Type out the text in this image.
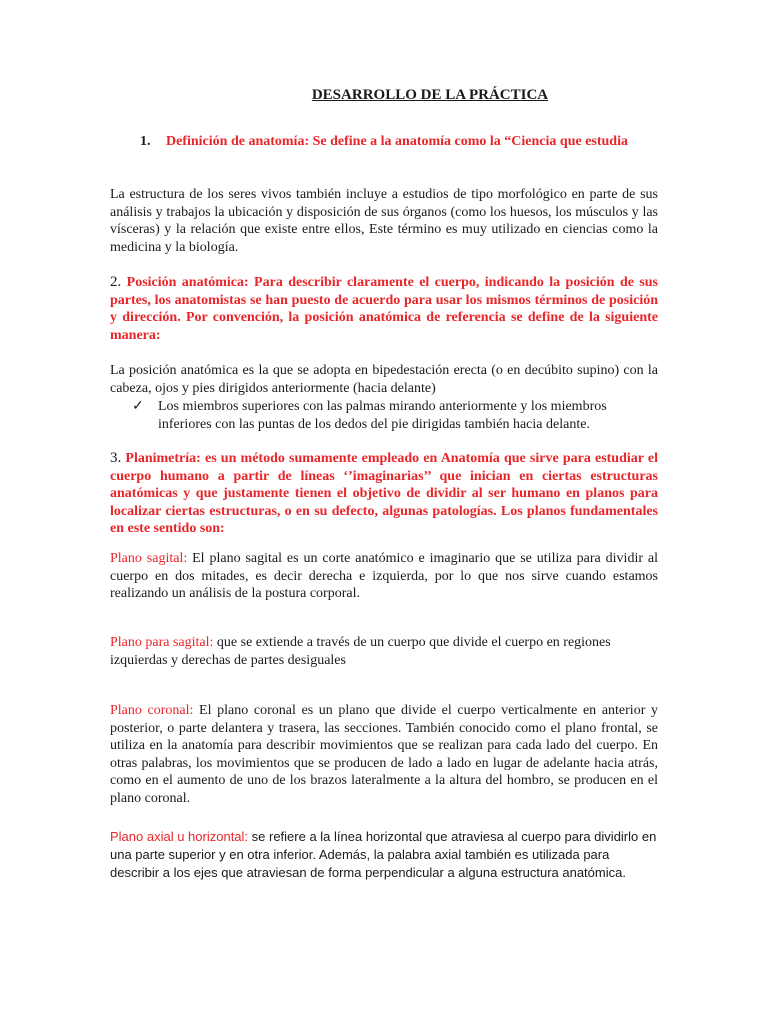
DESARROLLO DE LA PRÁCTICA
1. Definición de anatomía: Se define a la anatomía como la “Ciencia que estudia
La estructura de los seres vivos también incluye a estudios de tipo morfológico en parte de sus análisis y trabajos la ubicación y disposición de sus órganos (como los huesos, los músculos y las vísceras) y la relación que existe entre ellos, Este término es muy utilizado en ciencias como la medicina y la biología.
2. Posición anatómica: Para describir claramente el cuerpo, indicando la posición de sus partes, los anatomistas se han puesto de acuerdo para usar los mismos términos de posición y dirección. Por convención, la posición anatómica de referencia se define de la siguiente manera:
La posición anatómica es la que se adopta en bipedestación erecta (o en decúbito supino) con la cabeza, ojos y pies dirigidos anteriormente (hacia delante)
✓ Los miembros superiores con las palmas mirando anteriormente y los miembros inferiores con las puntas de los dedos del pie dirigidas también hacia delante.
3. Planimetría: es un método sumamente empleado en Anatomía que sirve para estudiar el cuerpo humano a partir de líneas ‘’imaginarias’’ que inician en ciertas estructuras anatómicas y que justamente tienen el objetivo de dividir al ser humano en planos para localizar ciertas estructuras, o en su defecto, algunas patologías. Los planos fundamentales en este sentido son:
Plano sagital: El plano sagital es un corte anatómico e imaginario que se utiliza para dividir al cuerpo en dos mitades, es decir derecha e izquierda, por lo que nos sirve cuando estamos realizando un análisis de la postura corporal.
Plano para sagital: que se extiende a través de un cuerpo que divide el cuerpo en regiones izquierdas y derechas de partes desiguales
Plano coronal: El plano coronal es un plano que divide el cuerpo verticalmente en anterior y posterior, o parte delantera y trasera, las secciones. También conocido como el plano frontal, se utiliza en la anatomía para describir movimientos que se realizan para cada lado del cuerpo. En otras palabras, los movimientos que se producen de lado a lado en lugar de adelante hacia atrás, como en el aumento de uno de los brazos lateralmente a la altura del hombro, se producen en el plano coronal.
Plano axial u horizontal: se refiere a la línea horizontal que atraviesa al cuerpo para dividirlo en una parte superior y en otra inferior. Además, la palabra axial también es utilizada para describir a los ejes que atraviesan de forma perpendicular a alguna estructura anatómica.
